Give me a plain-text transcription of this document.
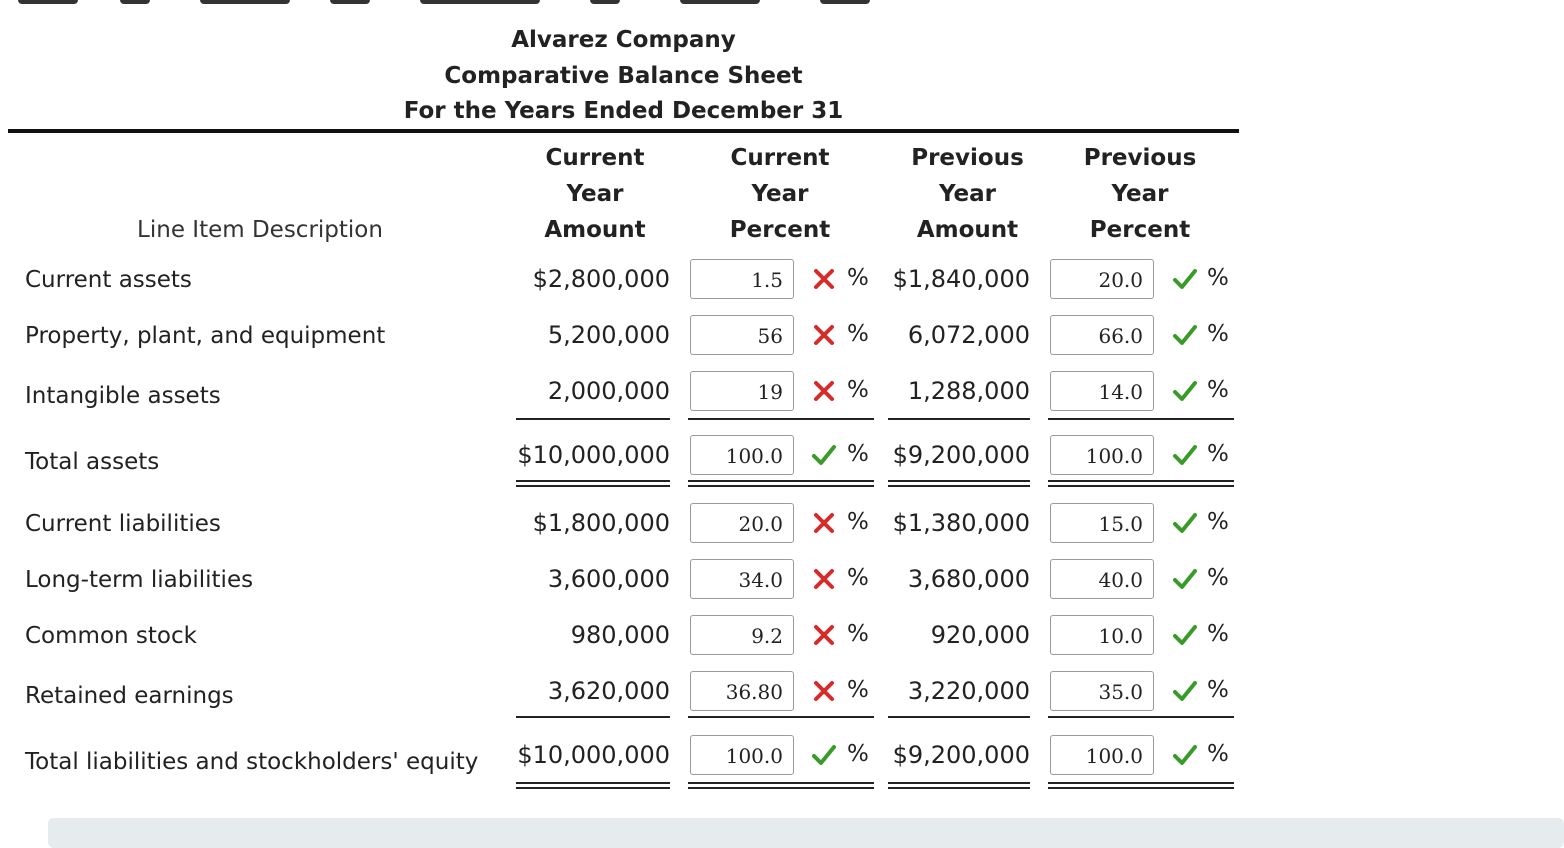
Alvarez Company
Comparative Balance Sheet
For the Years Ended December 31
Line Item Description
Current
Year
Amount
Current
Year
Percent
Previous
Year
Amount
Previous
Year
Percent
Current assets	$2,800,000	1.5	% $1,840,000	20.0	%
Property, plant, and equipment	5,200,000	56	%	6,072,000	66.0	%
Intangible assets	2,000,000	19	%	1,288,000	14.0	%
Total assets	$10,000,000	100.0	% $9,200,000	100.0	%
Current liabilities	$1,800,000	20.0	% $1,380,000	15.0	%
Long-term liabilities	3,600,000	34.0	%	3,680,000	40.0	%
Common stock	980,000	9.2	%	920,000	10.0	%
Retained earnings	3,620,000	36.80	%	3,220,000	35.0	%
Total liabilities and stockholders' equity	$10,000,000	100.0	% $9,200,000	100.0	%
